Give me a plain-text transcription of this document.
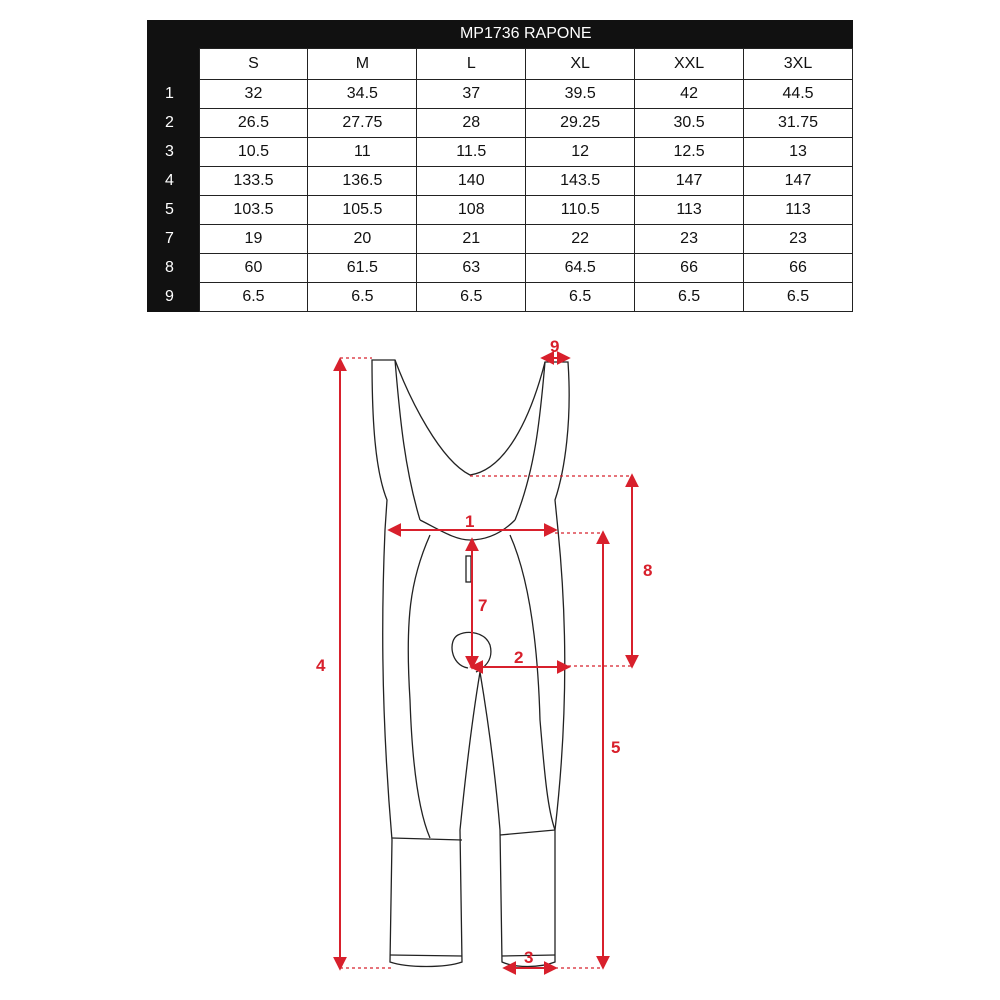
	MP1736 RAPONE					
	S	M	L	XL	XXL	3XL
1	32	34.5	37	39.5	42	44.5
2	26.5	27.75	28	29.25	30.5	31.75
3	10.5	11	11.5	12	12.5	13
4	133.5	136.5	140	143.5	147	147
5	103.5	105.5	108	110.5	113	113
7	19	20	21	22	23	23
8	60	61.5	63	64.5	66	66
9	6.5	6.5	6.5	6.5	6.5	6.5
1
2
3
4
5
7
8
9
